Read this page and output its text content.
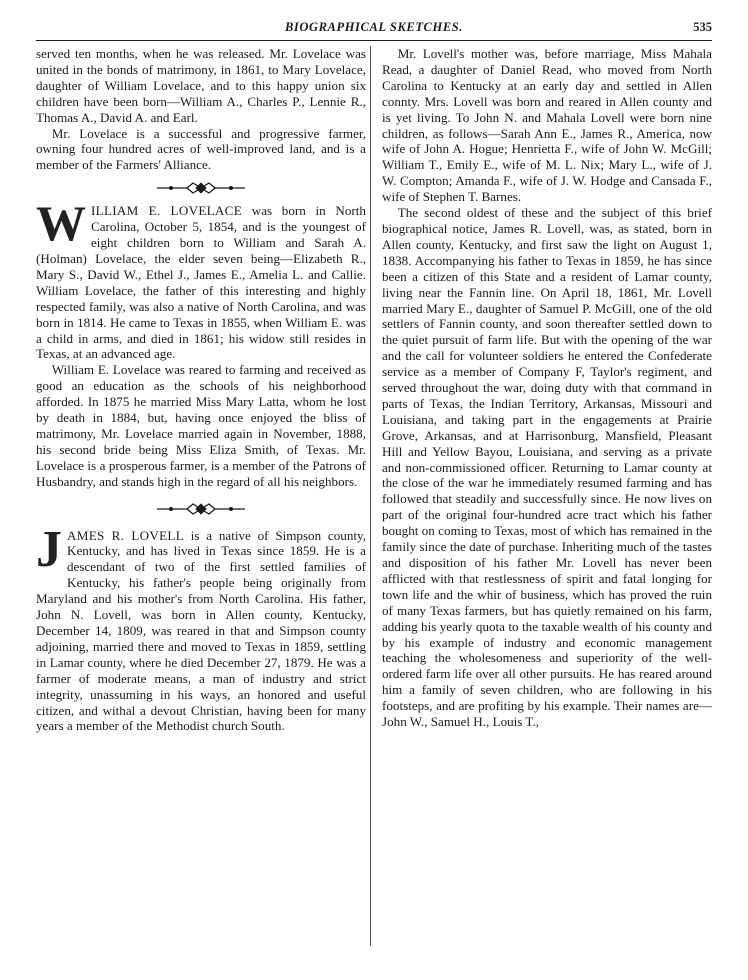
BIOGRAPHICAL SKETCHES.	535

served ten months, when he was released. Mr. Lovelace was united in the bonds of matrimony, in 1861, to Mary Lovelace, daughter of William Lovelace, and to this happy union six children have been born—William A., Charles P., Lennie R., Thomas A., David A. and Earl.

Mr. Lovelace is a successful and progressive farmer, owning four hundred acres of well-improved land, and is a member of the Farmers' Alliance.

WILLIAM E. LOVELACE was born in North Carolina, October 5, 1854, and is the youngest of eight children born to William and Sarah A. (Holman) Lovelace, the elder seven being—Elizabeth R., Mary S., David W., Ethel J., James E., Amelia L. and Callie. William Lovelace, the father of this interesting and highly respected family, was also a native of North Carolina, and was born in 1814. He came to Texas in 1855, when William E. was a child in arms, and died in 1861; his widow still resides in Texas, at an advanced age.

William E. Lovelace was reared to farming and received as good an education as the schools of his neighborhood afforded. In 1875 he married Miss Mary Latta, whom he lost by death in 1884, but, having once enjoyed the bliss of matrimony, Mr. Lovelace married again in November, 1888, his second bride being Miss Eliza Smith, of Texas. Mr. Lovelace is a prosperous farmer, is a member of the Patrons of Husbandry, and stands high in the regard of all his neighbors.

JAMES R. LOVELL is a native of Simpson county, Kentucky, and has lived in Texas since 1859. He is a descendant of two of the first settled families of Kentucky, his father's people being originally from Maryland and his mother's from North Carolina. His father, John N. Lovell, was born in Allen county, Kentucky, December 14, 1809, was reared in that and Simpson county adjoining, married there and moved to Texas in 1859, settling in Lamar county, where he died December 27, 1879. He was a farmer of moderate means, a man of industry and strict integrity, unassuming in his ways, an honored and useful citizen, and withal a devout Christian, having been for many years a member of the Methodist church South.

Mr. Lovell's mother was, before marriage, Miss Mahala Read, a daughter of Daniel Read, who moved from North Carolina to Kentucky at an early day and settled in Allen connty. Mrs. Lovell was born and reared in Allen county and is yet living. To John N. and Mahala Lovell were born nine children, as follows—Sarah Ann E., James R., America, now wife of John A. Hogue; Henrietta F., wife of John W. McGill; William T., Emily E., wife of M. L. Nix; Mary L., wife of J. W. Compton; Amanda F., wife of J. W. Hodge and Cansada F., wife of Stephen T. Barnes.

The second oldest of these and the subject of this brief biographical notice, James R. Lovell, was, as stated, born in Allen county, Kentucky, and first saw the light on August 1, 1838. Accompanying his father to Texas in 1859, he has since been a citizen of this State and a resident of Lamar county, living near the Fannin line. On April 18, 1861, Mr. Lovell married Mary E., daughter of Samuel P. McGill, one of the old settlers of Fannin county, and soon thereafter settled down to the quiet pursuit of farm life. But with the opening of the war and the call for volunteer soldiers he entered the Confederate service as a member of Company F, Taylor's regiment, and served throughout the war, doing duty with that command in parts of Texas, the Indian Territory, Arkansas, Missouri and Louisiana, and taking part in the engagements at Prairie Grove, Arkansas, and at Harrisonburg, Mansfield, Pleasant Hill and Yellow Bayou, Louisiana, and serving as a private and non-commissioned officer. Returning to Lamar county at the close of the war he immediately resumed farming and has followed that steadily and successfully since. He now lives on part of the original four-hundred acre tract which his father bought on coming to Texas, most of which has remained in the family since the date of purchase. Inheriting much of the tastes and disposition of his father Mr. Lovell has never been afflicted with that restlessness of spirit and fatal longing for town life and the whir of business, which has proved the ruin of many Texas farmers, but has quietly remained on his farm, adding his yearly quota to the taxable wealth of his county and by his example of industry and economic management teaching the wholesomeness and superiority of the well-ordered farm life over all other pursuits. He has reared around him a family of seven children, who are following in his footsteps, and are profiting by his example. Their names are—John W., Samuel H., Louis T.,
